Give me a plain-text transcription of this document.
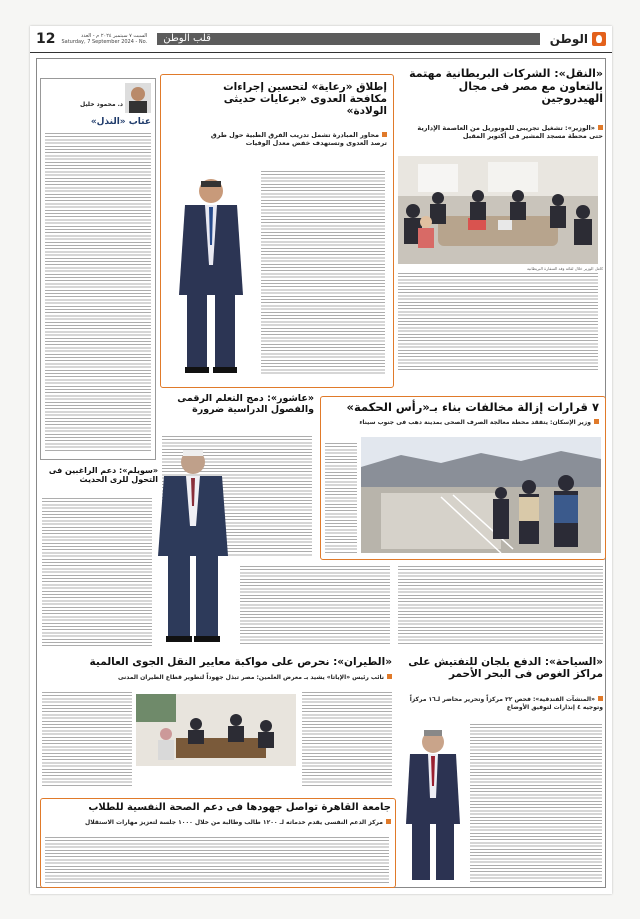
الوطن
قلب الوطن
12	السبت ٧ سبتمبر ٢٠٢٤ م - العدد
Saturday, 7 September 2024 - No.
«النقل»: الشركات البريطانية مهتمة بالتعاون مع مصر فى مجال الهيدروجين
«الوزير»: تشغيل تجريبى للمونوريل من العاصمة الإدارية حتى محطة مسجد المشير فى أكتوبر المقبل
كامل الوزير خلال لقائه وفد السفارة البريطانية
إطلاق «رعاية» لتحسين إجراءات مكافحة العدوى «برعايات حديثى الولادة»
محاور المبادرة تشمل تدريب الفرق الطبية حول طرق ترصد العدوى وتستهدف خفض معدل الوفيات
د. محمود خليل
عتاب «النذل»
٧ قرارات إزالة مخالفات بناء بـ«رأس الحكمة»
وزير الإسكان: يتفقد محطة معالجة الصرف الصحى بمدينة دهب فى جنوب سيناء
«عاشور»: دمج التعلم الرقمى والفصول الدراسية ضرورة
«سويلم»: دعم الراغبين فى التحول للرى الحديث
«الطيران»: نحرص على مواكبة معايير النقل الجوى العالمية
نائب رئيس «الإياتا» يشيد بـ معرض العلمين: مصر تبذل جهوداً لتطوير قطاع الطيران المدنى
«السياحة»: الدفع بلجان للتفتيش على مراكز الغوص فى البحر الأحمر
«المنشآت الفندقية»: فحص ٢٢ مركزاً وتحرير محاضر لـ١٦ مركزاً وتوجيه ٤ إنذارات لتوفيق الأوضاع
جامعة القاهرة تواصل جهودها فى دعم الصحة النفسية للطلاب
مركز الدعم النفسى يقدم خدماته لـ ١٢٠٠ طالب وطالبة من خلال ١٠٠٠ جلسة لتعزيز مهارات الاستقلال
